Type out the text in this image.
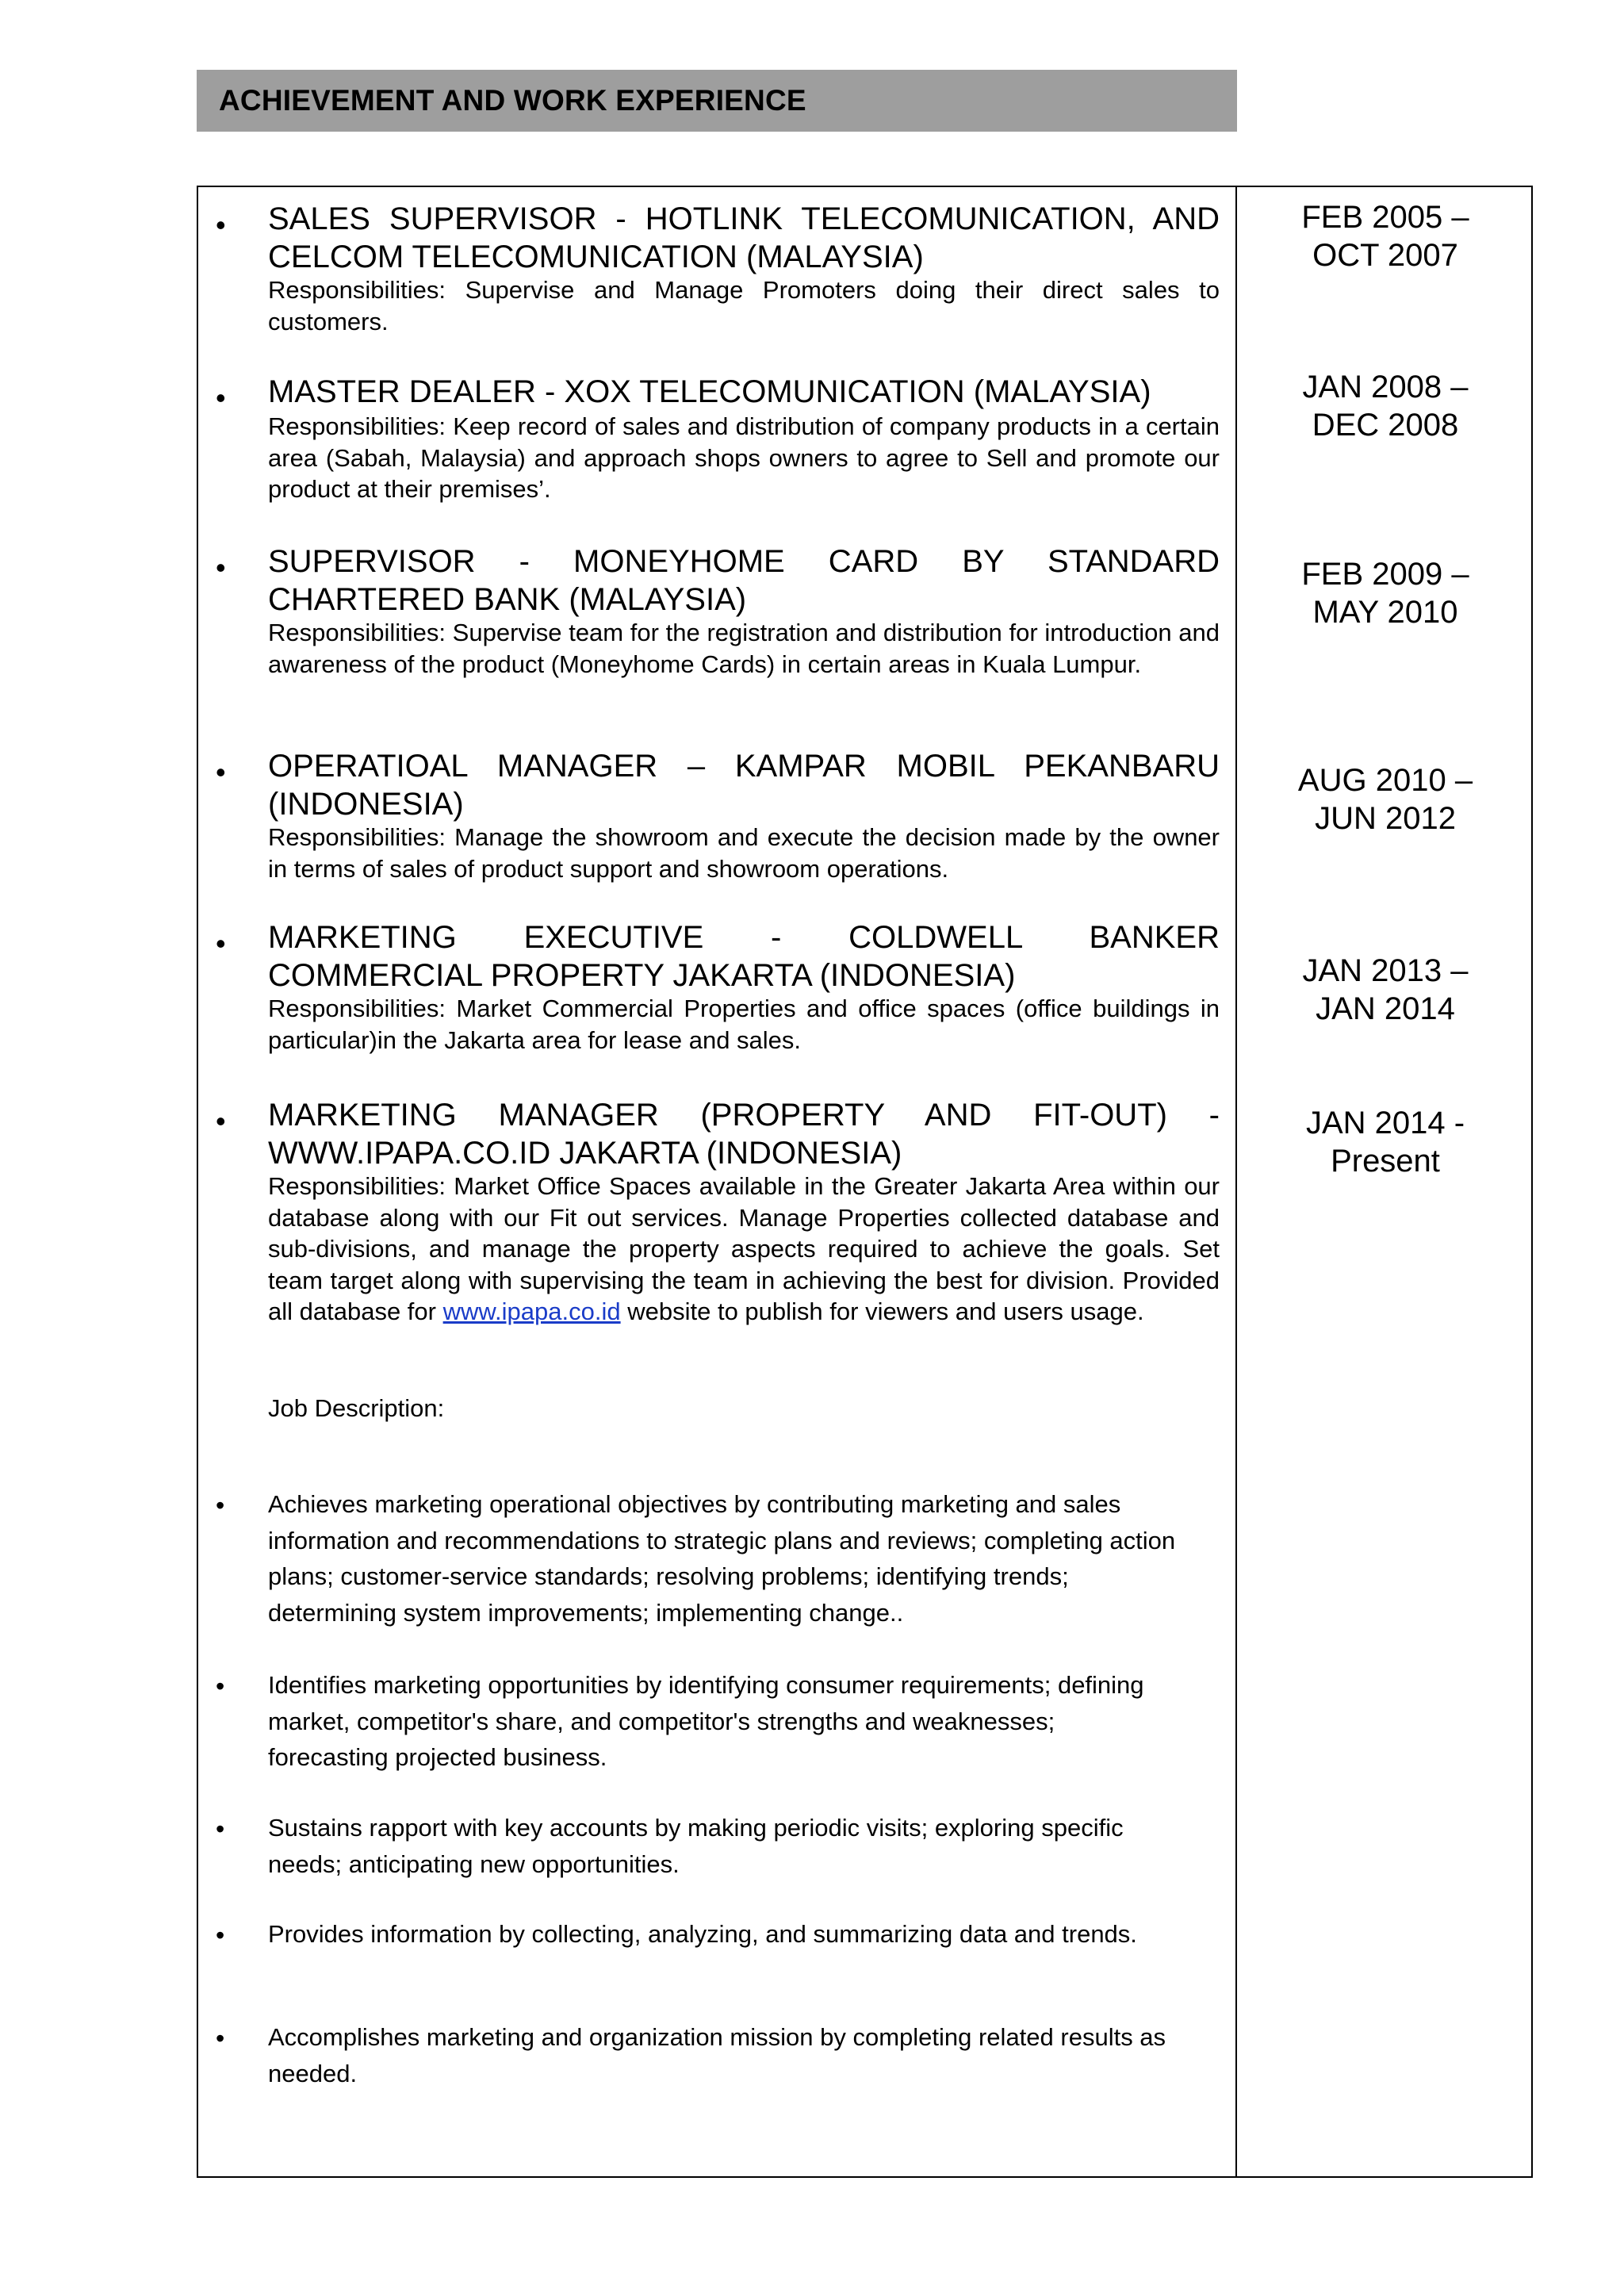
ACHIEVEMENT AND WORK EXPERIENCE
• SALES SUPERVISOR - HOTLINK TELECOMUNICATION, AND
CELCOM TELECOMUNICATION (MALAYSIA)
Responsibilities: Supervise and Manage Promoters doing their direct sales to customers.
FEB 2005 –
OCT 2007
• MASTER DEALER - XOX TELECOMUNICATION (MALAYSIA)
Responsibilities: Keep record of sales and distribution of company products in a certain area (Sabah, Malaysia) and approach shops owners to agree to Sell and promote our product at their premises’.
JAN 2008 –
DEC 2008
• SUPERVISOR - MONEYHOME CARD BY STANDARD
CHARTERED BANK (MALAYSIA)
Responsibilities: Supervise team for the registration and distribution for introduction and awareness of the product (Moneyhome Cards) in certain areas in Kuala Lumpur.
FEB 2009 –
MAY 2010
• OPERATIOAL MANAGER – KAMPAR MOBIL PEKANBARU
(INDONESIA)
Responsibilities: Manage the showroom and execute the decision made by the owner in terms of sales of product support and showroom operations.
AUG 2010 –
JUN 2012
• MARKETING EXECUTIVE - COLDWELL BANKER
COMMERCIAL PROPERTY JAKARTA (INDONESIA)
Responsibilities: Market Commercial Properties and office spaces (office buildings in particular)in the Jakarta area for lease and sales.
JAN 2013 –
JAN 2014
• MARKETING MANAGER (PROPERTY AND FIT-OUT) -
WWW.IPAPA.CO.ID JAKARTA (INDONESIA)
Responsibilities: Market Office Spaces available in the Greater Jakarta Area within our database along with our Fit out services. Manage Properties collected database and sub-divisions, and manage the property aspects required to achieve the goals. Set team target along with supervising the team in achieving the best for division. Provided all database for www.ipapa.co.id website to publish for viewers and users usage.
JAN 2014 -
Present
Job Description:
• Achieves marketing operational objectives by contributing marketing and sales information and recommendations to strategic plans and reviews; completing action plans; customer-service standards; resolving problems; identifying trends; determining system improvements; implementing change..
• Identifies marketing opportunities by identifying consumer requirements; defining market, competitor's share, and competitor's strengths and weaknesses; forecasting projected business.
• Sustains rapport with key accounts by making periodic visits; exploring specific needs; anticipating new opportunities.
• Provides information by collecting, analyzing, and summarizing data and trends.
• Accomplishes marketing and organization mission by completing related results as needed.
